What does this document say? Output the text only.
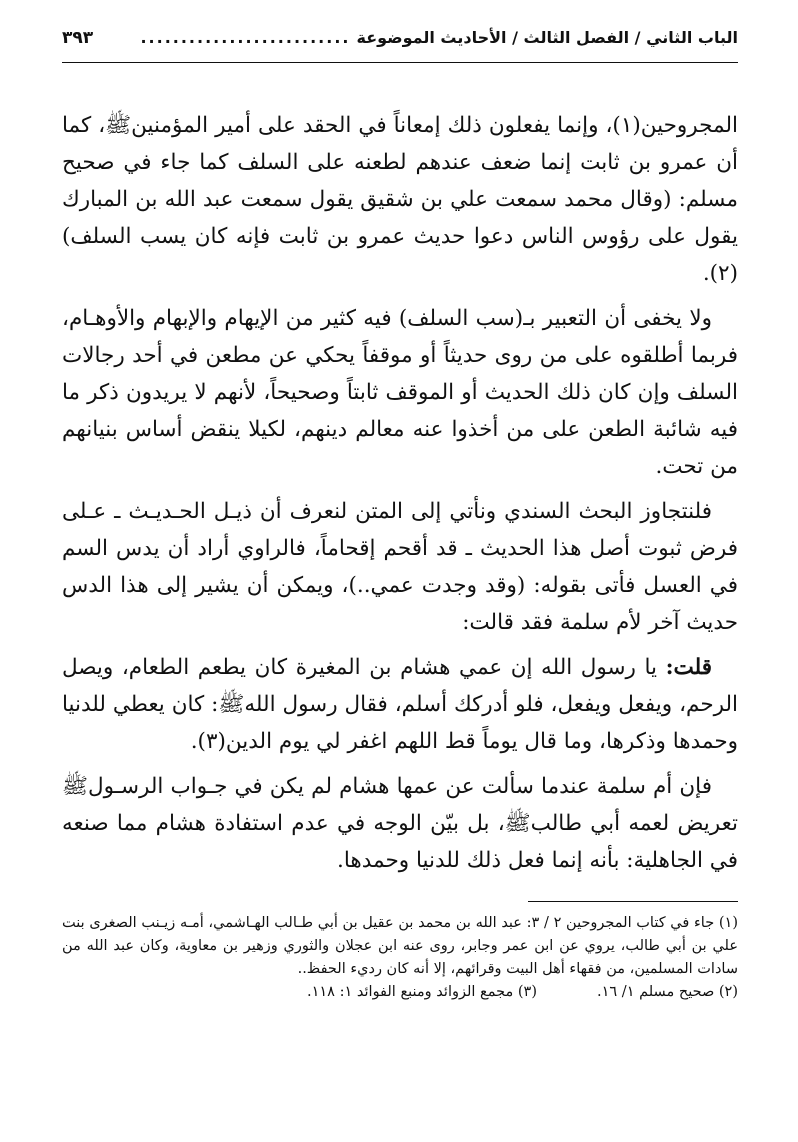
الباب الثاني / الفصل الثالث / الأحاديث الموضوعة
..........................
٣٩٣

المجروحين(١)، وإنما يفعلون ذلك إمعاناً في الحقد على أمير المؤمنينﷺ، كما أن عمرو بن ثابت إنما ضعف عندهم لطعنه على السلف كما جاء في صحيح مسلم: (وقال محمد سمعت علي بن شقيق يقول سمعت عبد الله بن المبارك يقول على رؤوس الناس دعوا حديث عمرو بن ثابت فإنه كان يسب السلف)(٢).

ولا يخفى أن التعبير بـ(سب السلف) فيه كثير من الإيهام والإبهام والأوهـام، فربما أطلقوه على من روى حديثاً أو موقفاً يحكي عن مطعن في أحد رجالات السلف وإن كان ذلك الحديث أو الموقف ثابتاً وصحيحاً، لأنهم لا يريدون ذكر ما فيه شائبة الطعن على من أخذوا عنه معالم دينهم، لكيلا ينقض أساس بنيانهم من تحت.

فلنتجاوز البحث السندي ونأتي إلى المتن لنعرف أن ذيـل الحـديـث ـ عـلى فرض ثبوت أصل هذا الحديث ـ قد أقحم إقحاماً، فالراوي أراد أن يدس السم في العسل فأتى بقوله: (وقد وجدت عمي..)، ويمكن أن يشير إلى هذا الدس حديث آخر لأم سلمة فقد قالت:

قلت: يا رسول الله إن عمي هشام بن المغيرة كان يطعم الطعام، ويصل الرحم، ويفعل ويفعل، فلو أدركك أسلم، فقال رسول اللهﷺ: كان يعطي للدنيا وحمدها وذكرها، وما قال يوماً قط اللهم اغفر لي يوم الدين(٣).

فإن أم سلمة عندما سألت عن عمها هشام لم يكن في جـواب الرسـولﷺ تعريض لعمه أبي طالبﷺ، بل بيّن الوجه في عدم استفادة هشام مما صنعه في الجاهلية: بأنه إنما فعل ذلك للدنيا وحمدها.

(١) جاء في كتاب المجروحين ٢ / ٣: عبد الله بن محمد بن عقيل بن أبي طـالب الهـاشمي، أمـه زيـنب الصغرى بنت علي بن أبي طالب، يروي عن ابن عمر وجابر، روى عنه ابن عجلان والثوري وزهير بن معاوية، وكان عبد الله من سادات المسلمين، من فقهاء أهل البيت وقرائهم، إلا أنه كان رديء الحفظ..

(٢) صحيح مسلم ١/ ١٦.
(٣) مجمع الزوائد ومنبع الفوائد ١: ١١٨.
